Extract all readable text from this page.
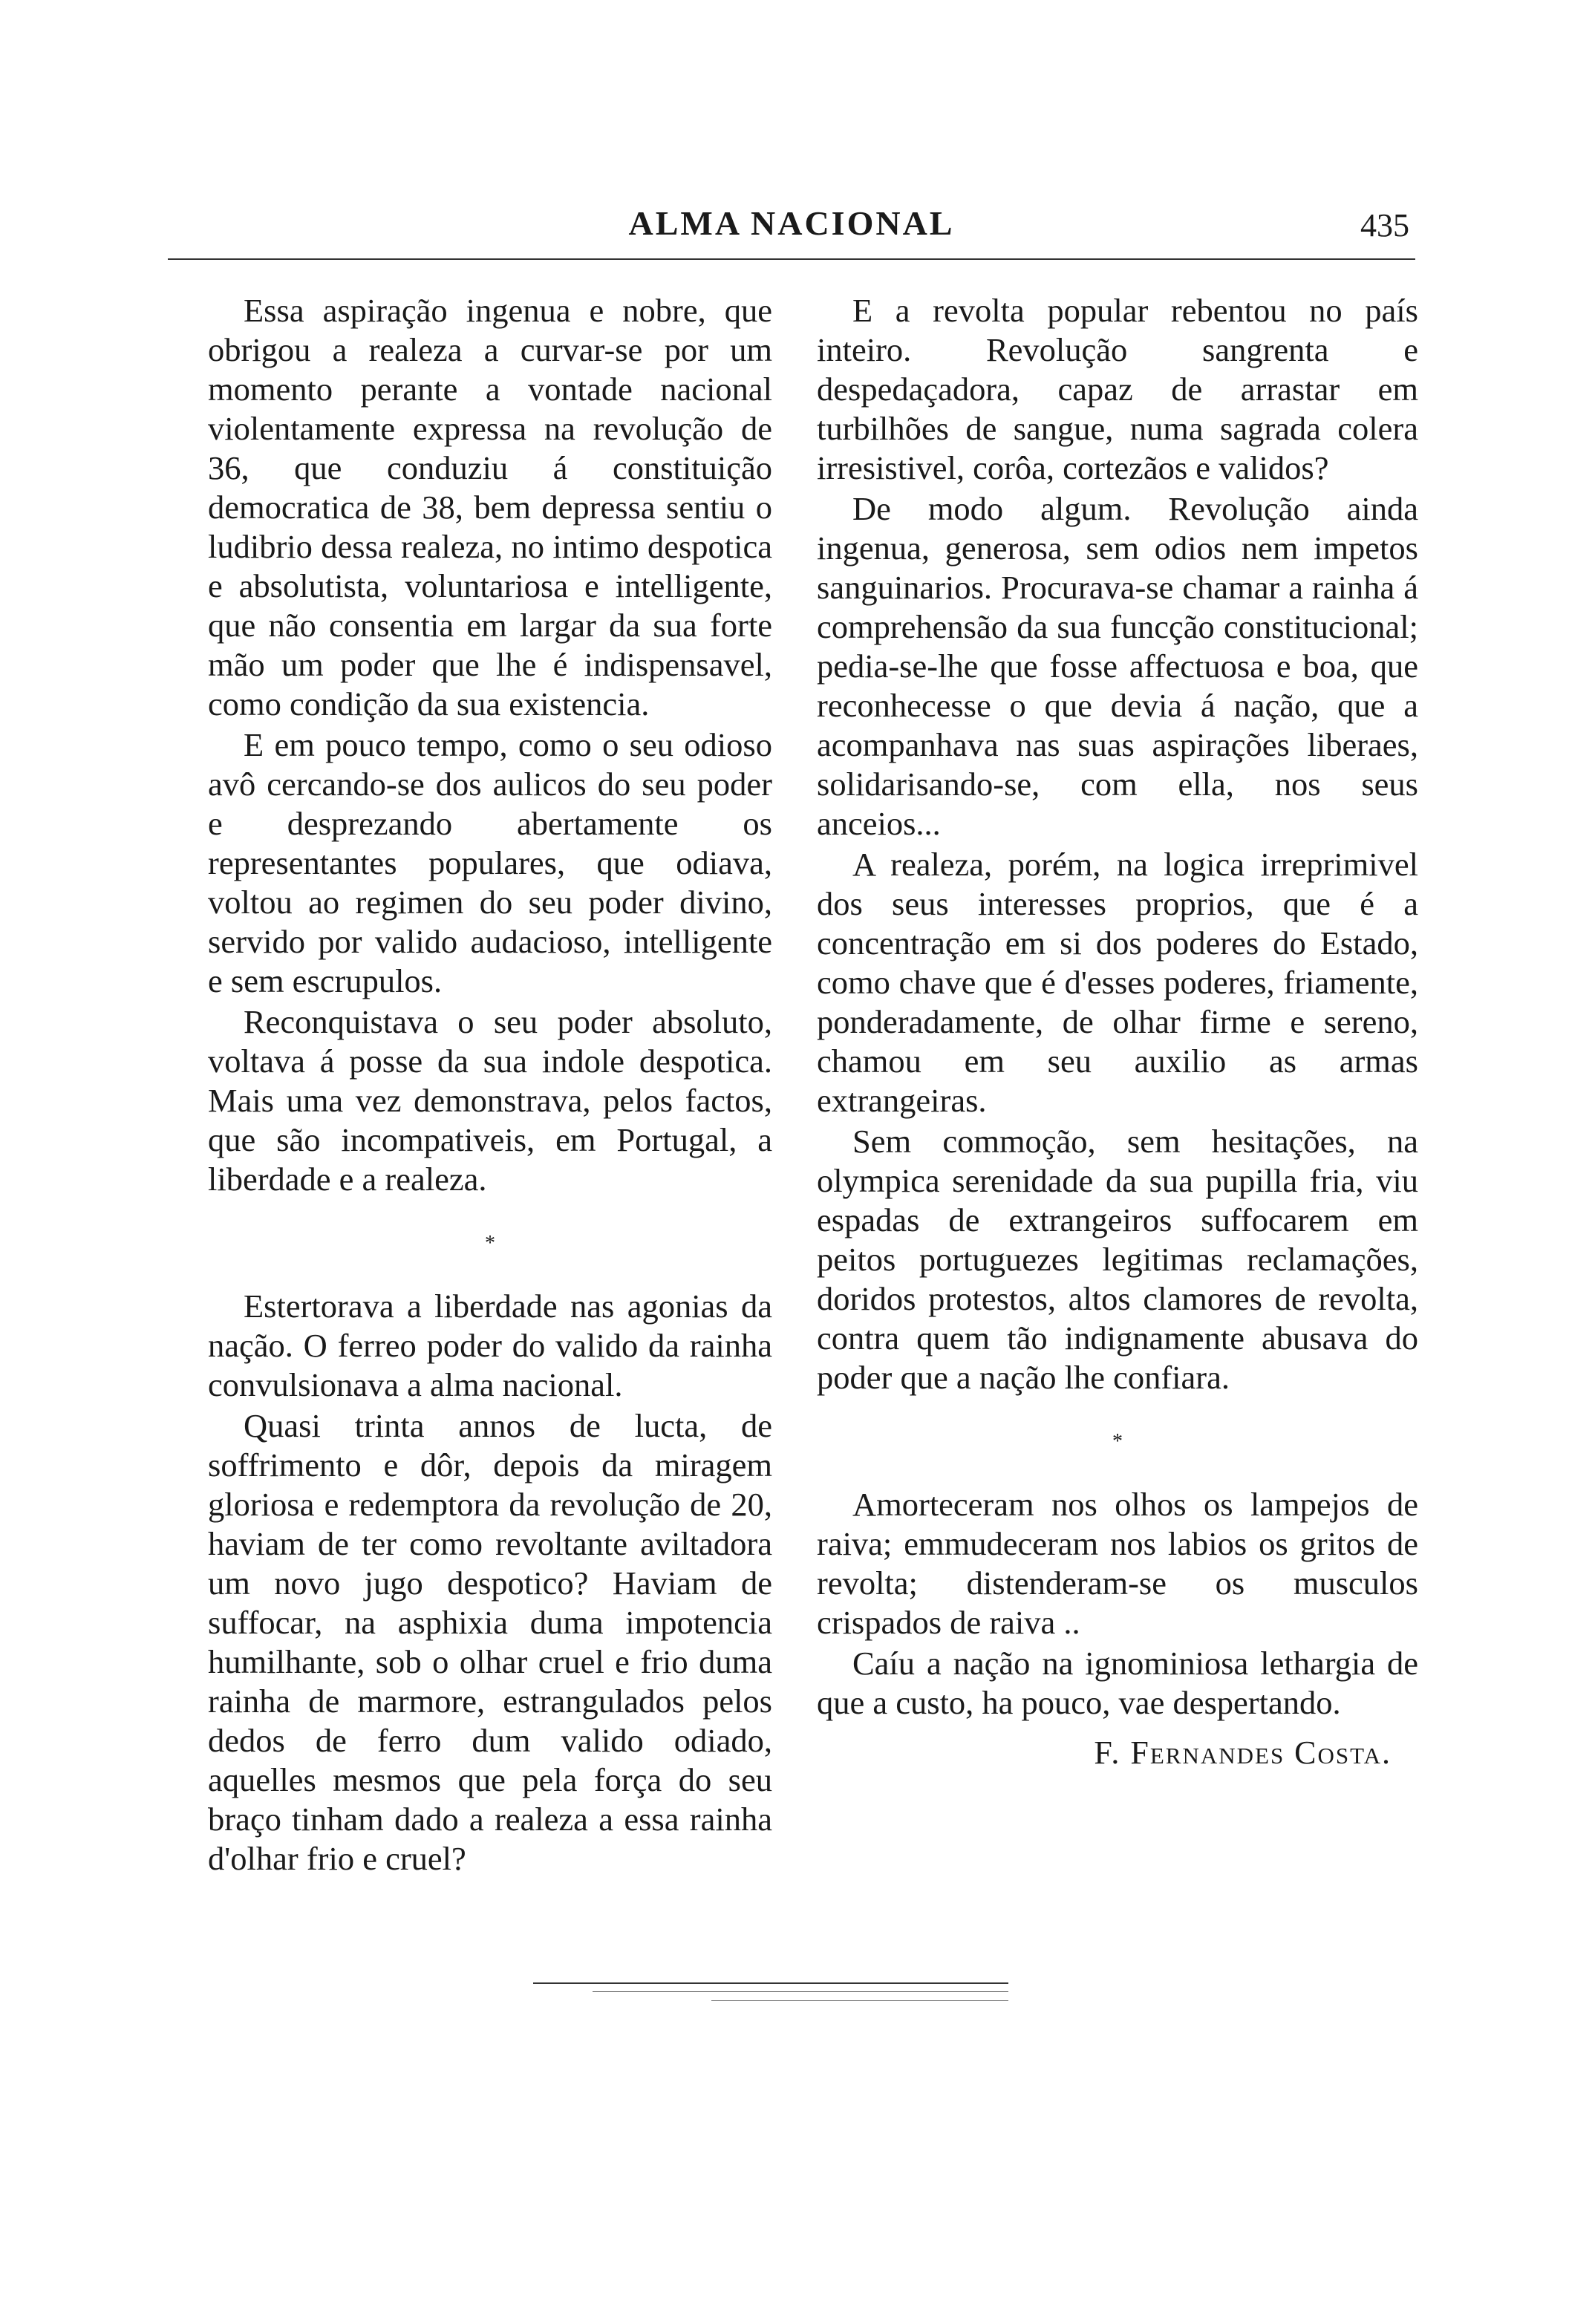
ALMA NACIONAL	435

Essa aspiração ingenua e nobre, que obrigou a realeza a curvar-se por um momento perante a vontade nacional violentamente expressa na revolução de 36, que conduziu á constituição democratica de 38, bem depressa sentiu o ludibrio dessa realeza, no intimo despotica e absolutista, voluntariosa e intelligente, que não consentia em largar da sua forte mão um poder que lhe é indispensavel, como condição da sua existencia.

E em pouco tempo, como o seu odioso avô cercando-se dos aulicos do seu poder e desprezando abertamente os representantes populares, que odiava, voltou ao regimen do seu poder divino, servido por valido audacioso, intelligente e sem escrupulos.

Reconquistava o seu poder absoluto, voltava á posse da sua indole despotica. Mais uma vez demonstrava, pelos factos, que são incompativeis, em Portugal, a liberdade e a realeza.

*

Estertorava a liberdade nas agonias da nação. O ferreo poder do valido da rainha convulsionava a alma nacional.

Quasi trinta annos de lucta, de soffrimento e dôr, depois da miragem gloriosa e redemptora da revolução de 20, haviam de ter como revoltante aviltadora um novo jugo despotico? Haviam de suffocar, na asphixia duma impotencia humilhante, sob o olhar cruel e frio duma rainha de marmore, estrangulados pelos dedos de ferro dum valido odiado, aquelles mesmos que pela força do seu braço tinham dado a realeza a essa rainha d'olhar frio e cruel?

E a revolta popular rebentou no país inteiro. Revolução sangrenta e despedaçadora, capaz de arrastar em turbilhões de sangue, numa sagrada colera irresistivel, corôa, cortezãos e validos?

De modo algum. Revolução ainda ingenua, generosa, sem odios nem impetos sanguinarios. Procurava-se chamar a rainha á comprehensão da sua funcção constitucional; pedia-se-lhe que fosse affectuosa e boa, que reconhecesse o que devia á nação, que a acompanhava nas suas aspirações liberaes, solidarisando-se, com ella, nos seus anceios...

A realeza, porém, na logica irreprimivel dos seus interesses proprios, que é a concentração em si dos poderes do Estado, como chave que é d'esses poderes, friamente, ponderadamente, de olhar firme e sereno, chamou em seu auxilio as armas extrangeiras.

Sem commoção, sem hesitações, na olympica serenidade da sua pupilla fria, viu espadas de extrangeiros suffocarem em peitos portuguezes legitimas reclamações, doridos protestos, altos clamores de revolta, contra quem tão indignamente abusava do poder que a nação lhe confiara.

*

Amorteceram nos olhos os lampejos de raiva; emmudeceram nos labios os gritos de revolta; distenderam-se os musculos crispados de raiva ..

Caíu a nação na ignominiosa lethargia de que a custo, ha pouco, vae despertando.

F. Fernandes Costa.
